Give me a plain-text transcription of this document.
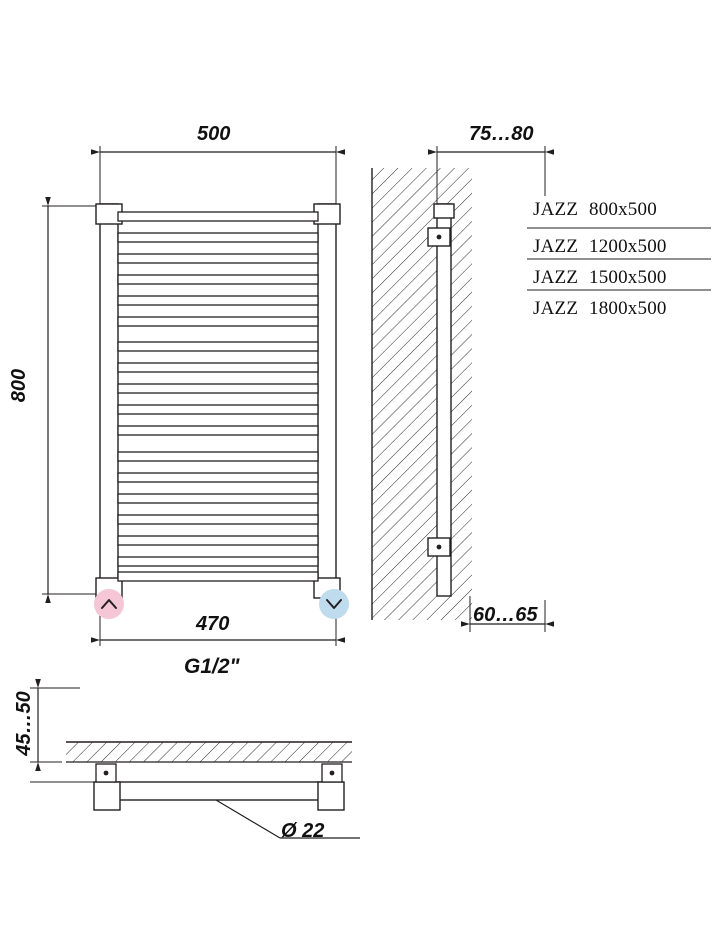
500
800
470
G1/2"
75…80
60…65
45…50
Ø 22
JAZZ 800x500
JAZZ 1200x500
JAZZ 1500x500
JAZZ 1800x500
